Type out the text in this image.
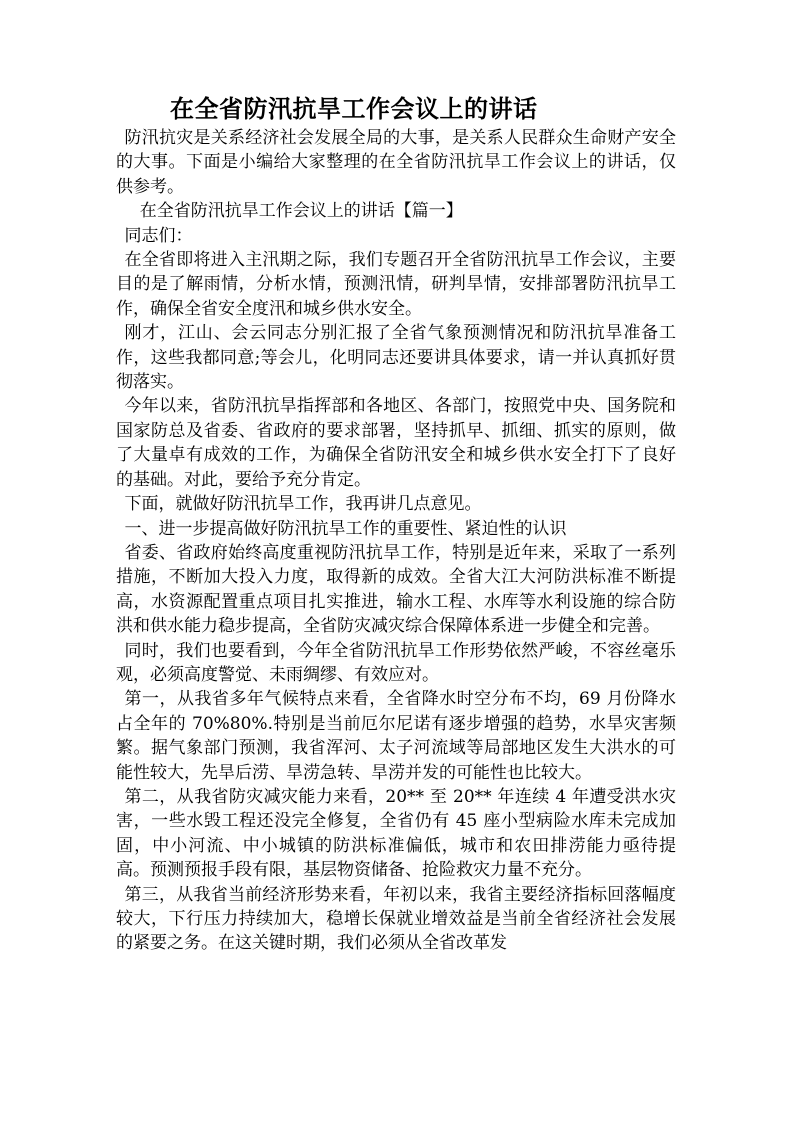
在全省防汛抗旱工作会议上的讲话

防汛抗灾是关系经济社会发展全局的大事，是关系人民群众生命财产安全的大事。下面是小编给大家整理的在全省防汛抗旱工作会议上的讲话，仅供参考。

在全省防汛抗旱工作会议上的讲话【篇一】

同志们：

在全省即将进入主汛期之际，我们专题召开全省防汛抗旱工作会议，主要目的是了解雨情，分析水情，预测汛情，研判旱情，安排部署防汛抗旱工作，确保全省安全度汛和城乡供水安全。

刚才，江山、会云同志分别汇报了全省气象预测情况和防汛抗旱准备工作，这些我都同意;等会儿，化明同志还要讲具体要求，请一并认真抓好贯彻落实。

今年以来，省防汛抗旱指挥部和各地区、各部门，按照党中央、国务院和国家防总及省委、省政府的要求部署，坚持抓早、抓细、抓实的原则，做了大量卓有成效的工作，为确保全省防汛安全和城乡供水安全打下了良好的基础。对此，要给予充分肯定。

下面，就做好防汛抗旱工作，我再讲几点意见。

一、进一步提高做好防汛抗旱工作的重要性、紧迫性的认识

省委、省政府始终高度重视防汛抗旱工作，特别是近年来，采取了一系列措施，不断加大投入力度，取得新的成效。全省大江大河防洪标准不断提高，水资源配置重点项目扎实推进，输水工程、水库等水利设施的综合防洪和供水能力稳步提高，全省防灾减灾综合保障体系进一步健全和完善。

同时，我们也要看到，今年全省防汛抗旱工作形势依然严峻，不容丝毫乐观，必须高度警觉、未雨绸缪、有效应对。

第一，从我省多年气候特点来看，全省降水时空分布不均，69 月份降水占全年的 70%80%.特别是当前厄尔尼诺有逐步增强的趋势，水旱灾害频繁。据气象部门预测，我省浑河、太子河流域等局部地区发生大洪水的可能性较大，先旱后涝、旱涝急转、旱涝并发的可能性也比较大。

第二，从我省防灾减灾能力来看，20** 至 20** 年连续 4 年遭受洪水灾害，一些水毁工程还没完全修复，全省仍有 45 座小型病险水库未完成加固，中小河流、中小城镇的防洪标准偏低，城市和农田排涝能力亟待提高。预测预报手段有限，基层物资储备、抢险救灾力量不充分。

第三，从我省当前经济形势来看，年初以来，我省主要经济指标回落幅度较大，下行压力持续加大，稳增长保就业增效益是当前全省经济社会发展的紧要之务。在这关键时期，我们必须从全省改革发
